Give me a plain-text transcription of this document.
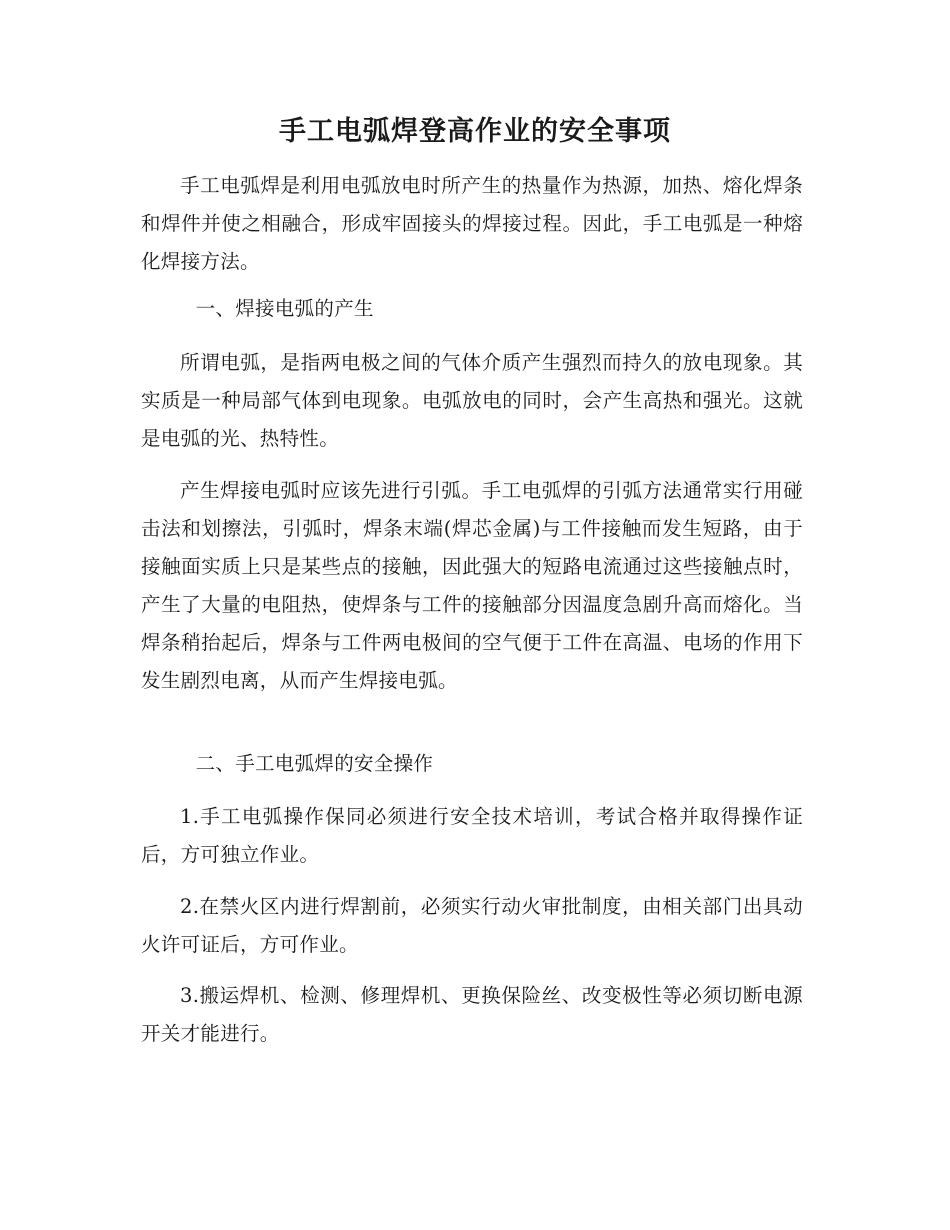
手工电弧焊登高作业的安全事项

手工电弧焊是利用电弧放电时所产生的热量作为热源，加热、熔化焊条和焊件并使之相融合，形成牢固接头的焊接过程。因此，手工电弧是一种熔化焊接方法。

一、焊接电弧的产生

所谓电弧，是指两电极之间的气体介质产生强烈而持久的放电现象。其实质是一种局部气体到电现象。电弧放电的同时，会产生高热和强光。这就是电弧的光、热特性。

产生焊接电弧时应该先进行引弧。手工电弧焊的引弧方法通常实行用碰击法和划擦法，引弧时，焊条末端(焊芯金属)与工件接触而发生短路，由于接触面实质上只是某些点的接触，因此强大的短路电流通过这些接触点时，产生了大量的电阻热，使焊条与工件的接触部分因温度急剧升高而熔化。当焊条稍抬起后，焊条与工件两电极间的空气便于工件在高温、电场的作用下发生剧烈电离，从而产生焊接电弧。

二、手工电弧焊的安全操作

1.手工电弧操作保同必须进行安全技术培训，考试合格并取得操作证后，方可独立作业。

2.在禁火区内进行焊割前，必须实行动火审批制度，由相关部门出具动火许可证后，方可作业。

3.搬运焊机、检测、修理焊机、更换保险丝、改变极性等必须切断电源开关才能进行。
